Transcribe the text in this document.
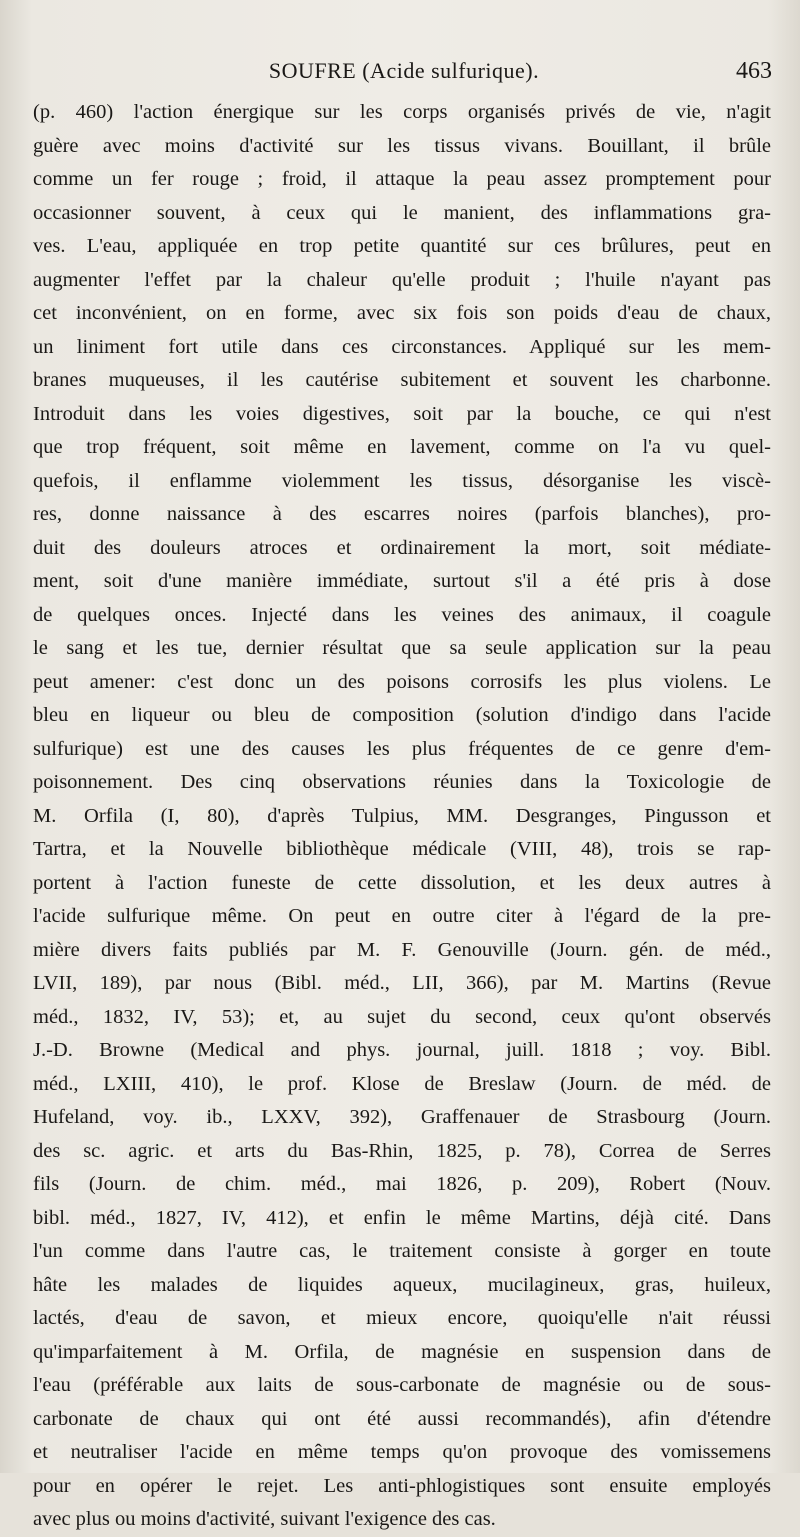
SOUFRE (Acide sulfurique).	463
(p. 460) l'action énergique sur les corps organisés privés de vie, n'agit
guère avec moins d'activité sur les tissus vivans. Bouillant, il brûle
comme un fer rouge ; froid, il attaque la peau assez promptement pour
occasionner souvent, à ceux qui le manient, des inflammations gra-
ves. L'eau, appliquée en trop petite quantité sur ces brûlures, peut en
augmenter l'effet par la chaleur qu'elle produit ; l'huile n'ayant pas
cet inconvénient, on en forme, avec six fois son poids d'eau de chaux,
un liniment fort utile dans ces circonstances. Appliqué sur les mem-
branes muqueuses, il les cautérise subitement et souvent les charbonne.
Introduit dans les voies digestives, soit par la bouche, ce qui n'est
que trop fréquent, soit même en lavement, comme on l'a vu quel-
quefois, il enflamme violemment les tissus, désorganise les viscè-
res, donne naissance à des escarres noires (parfois blanches), pro-
duit des douleurs atroces et ordinairement la mort, soit médiate-
ment, soit d'une manière immédiate, surtout s'il a été pris à dose
de quelques onces. Injecté dans les veines des animaux, il coagule
le sang et les tue, dernier résultat que sa seule application sur la peau
peut amener: c'est donc un des poisons corrosifs les plus violens. Le
bleu en liqueur ou bleu de composition (solution d'indigo dans l'acide
sulfurique) est une des causes les plus fréquentes de ce genre d'em-
poisonnement. Des cinq observations réunies dans la Toxicologie de
M. Orfila (I, 80), d'après Tulpius, MM. Desgranges, Pingusson et
Tartra, et la Nouvelle bibliothèque médicale (VIII, 48), trois se rap-
portent à l'action funeste de cette dissolution, et les deux autres à
l'acide sulfurique même. On peut en outre citer à l'égard de la pre-
mière divers faits publiés par M. F. Genouville (Journ. gén. de méd.,
LVII, 189), par nous (Bibl. méd., LII, 366), par M. Martins (Revue
méd., 1832, IV, 53); et, au sujet du second, ceux qu'ont observés
J.-D. Browne (Medical and phys. journal, juill. 1818 ; voy. Bibl.
méd., LXIII, 410), le prof. Klose de Breslaw (Journ. de méd. de
Hufeland, voy. ib., LXXV, 392), Graffenauer de Strasbourg (Journ.
des sc. agric. et arts du Bas-Rhin, 1825, p. 78), Correa de Serres
fils (Journ. de chim. méd., mai 1826, p. 209), Robert (Nouv.
bibl. méd., 1827, IV, 412), et enfin le même Martins, déjà cité. Dans
l'un comme dans l'autre cas, le traitement consiste à gorger en toute
hâte les malades de liquides aqueux, mucilagineux, gras, huileux,
lactés, d'eau de savon, et mieux encore, quoiqu'elle n'ait réussi
qu'imparfaitement à M. Orfila, de magnésie en suspension dans de
l'eau (préférable aux laits de sous-carbonate de magnésie ou de sous-
carbonate de chaux qui ont été aussi recommandés), afin d'étendre
et neutraliser l'acide en même temps qu'on provoque des vomissemens
pour en opérer le rejet. Les anti-phlogistiques sont ensuite employés
avec plus ou moins d'activité, suivant l'exigence des cas.
